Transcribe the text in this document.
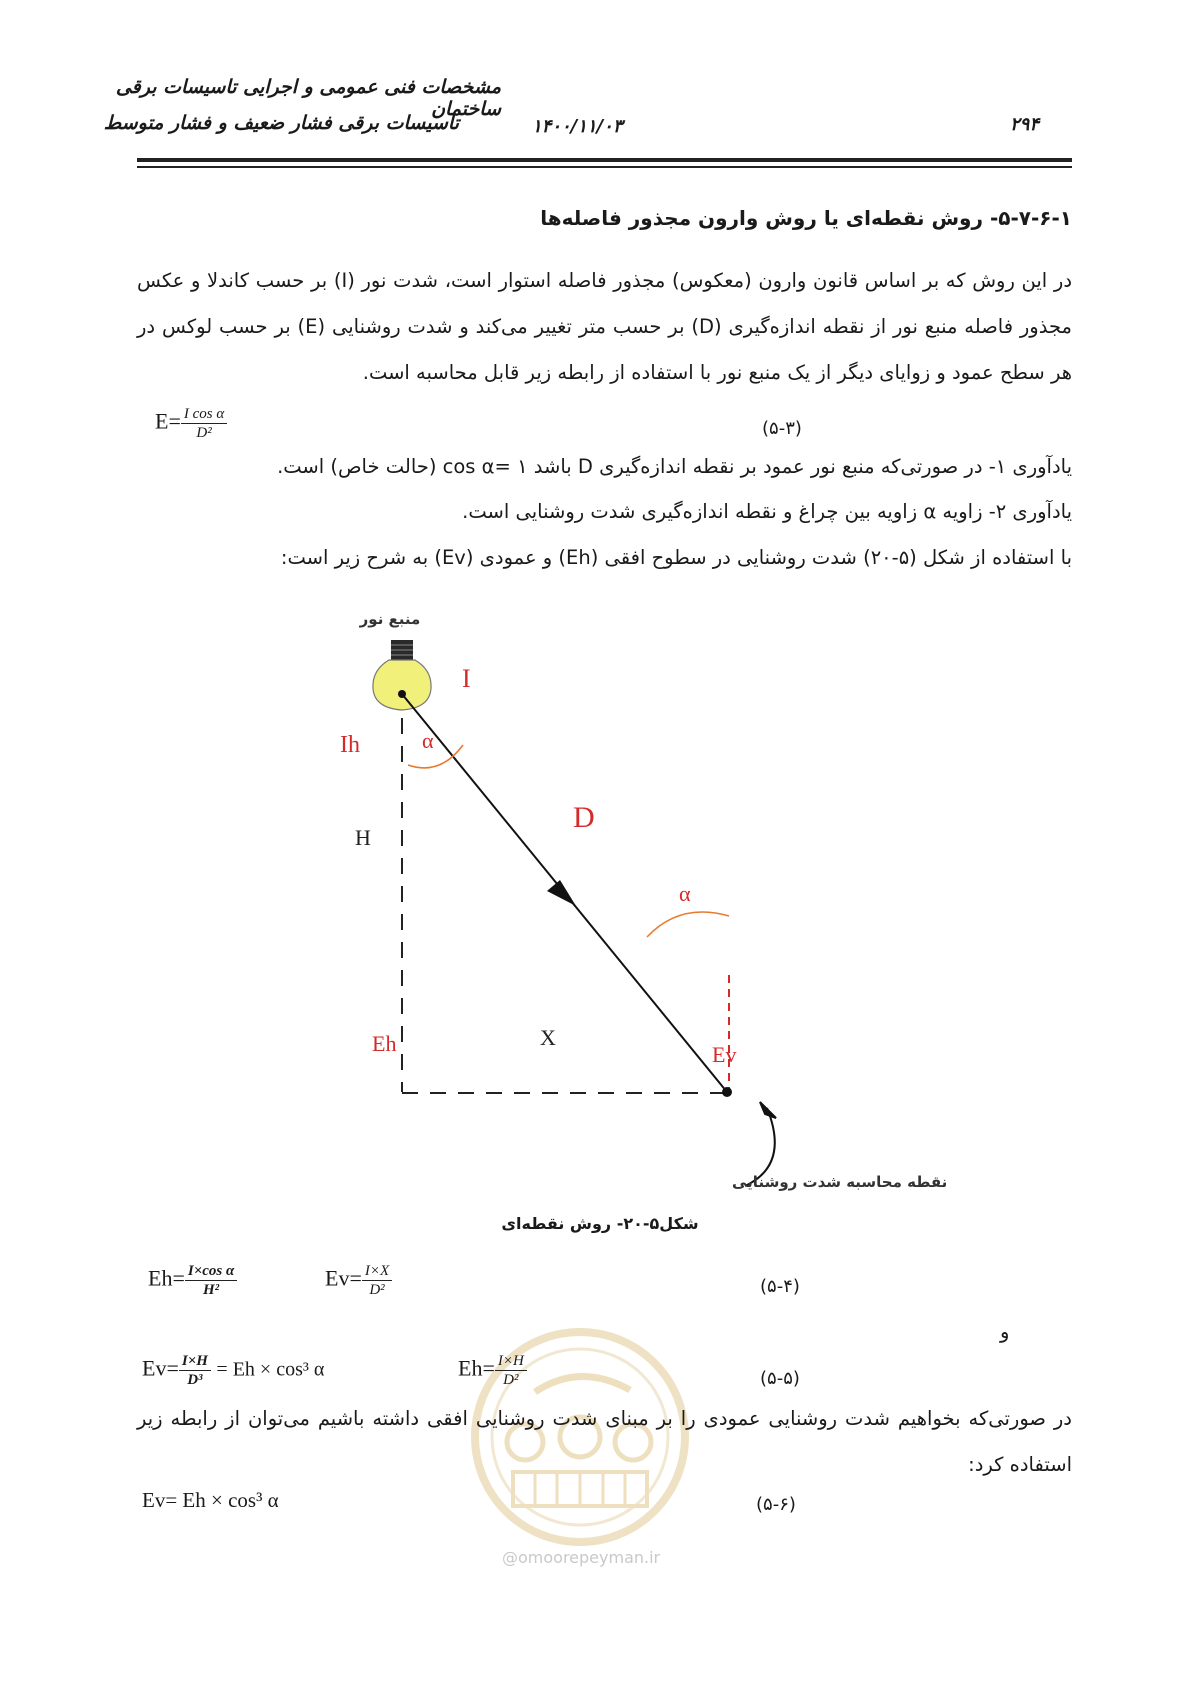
مشخصات فنی عمومی و اجرایی تاسیسات برقی ساختمان
تاسیسات برقی فشار ضعیف و فشار متوسط	۱۴۰۰/۱۱/۰۳	۲۹۴
۵-۷-۶-۱- روش نقطه‌ای یا روش وارون مجذور فاصله‌ها
در این روش که بر اساس قانون وارون (معکوس) مجذور فاصله استوار است، شدت نور (I) بر حسب کاندلا و عکس مجذور فاصله منبع نور از نقطه اندازه‌گیری (D) بر حسب متر تغییر می‌کند و شدت روشنایی (E) بر حسب لوکس در هر سطح عمود و زوایای دیگر از یک منبع نور با استفاده از رابطه زیر قابل محاسبه است.
$E= \frac{\text{I cos α}}{\text{D²}}$	(۵-۳)
یادآوری ۱- در صورتی‌که منبع نور عمود بر نقطه اندازه‌گیری D باشد ۱ =cos α (حالت خاص) است.
یادآوری ۲- زاویه α زاویه بین چراغ و نقطه اندازه‌گیری شدت روشنایی است.
با استفاده از شکل (۵-۲۰) شدت روشنایی در سطوح افقی (Eh) و عمودی (Ev) به شرح زیر است:
منبع نور
I
Ih	α
H
D
α
Eh	X
Ev
نقطه محاسبه شدت روشنایی
شکل۵-۲۰- روش نقطه‌ای
$Eh= \frac{\text{I×cos α}}{\text{H²}}$	$Ev= \frac{I\times X}{\text{D²}}$	(۵-۴)
و
$Ev= \frac{I\times H}{\text{D³}} = Eh \times \cos^3$ α	$Eh= \frac{I\times H}{\text{D²}}$	(۵-۵)
در صورتی‌که بخواهیم شدت روشنایی عمودی را بر مبنای شدت روشنایی افقی داشته باشیم می‌توان از رابطه زیر استفاده کرد:
Ev= Eh × cos³ α	(۵-۶)
@omoorepeyman.ir
